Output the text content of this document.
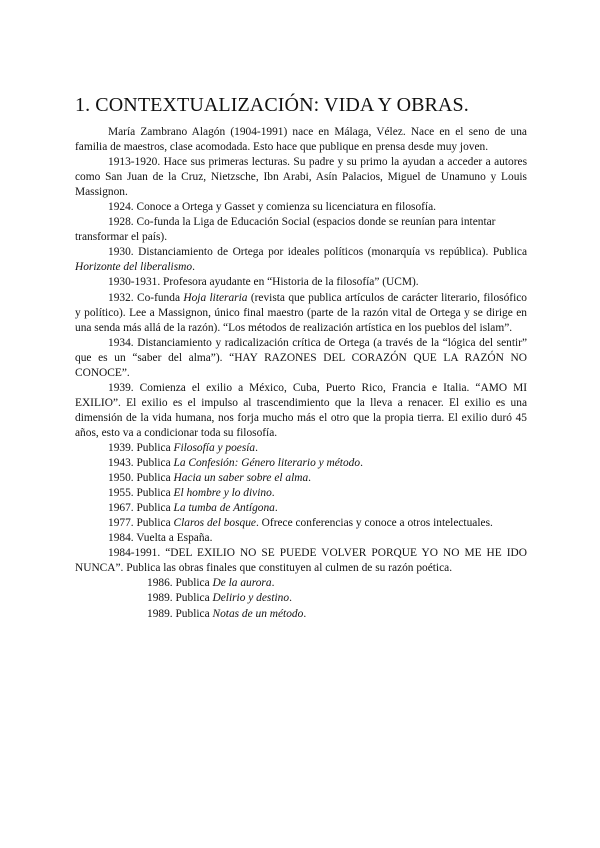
1. CONTEXTUALIZACIÓN: VIDA Y OBRAS.

María Zambrano Alagón (1904-1991) nace en Málaga, Vélez. Nace en el seno de una familia de maestros, clase acomodada. Esto hace que publique en prensa desde muy joven.

1913-1920. Hace sus primeras lecturas. Su padre y su primo la ayudan a acceder a autores como San Juan de la Cruz, Nietzsche, Ibn Arabi, Asín Palacios, Miguel de Unamuno y Louis Massignon.

1924. Conoce a Ortega y Gasset y comienza su licenciatura en filosofía.

1928. Co-funda la Liga de Educación Social (espacios donde se reunían para intentar transformar el país).

1930. Distanciamiento de Ortega por ideales políticos (monarquía vs república). Publica Horizonte del liberalismo.

1930-1931. Profesora ayudante en “Historia de la filosofía” (UCM).

1932. Co-funda Hoja literaria (revista que publica artículos de carácter literario, filosófico y político). Lee a Massignon, único final maestro (parte de la razón vital de Ortega y se dirige en una senda más allá de la razón). “Los métodos de realización artística en los pueblos del islam”.

1934. Distanciamiento y radicalización crítica de Ortega (a través de la “lógica del sentir” que es un “saber del alma”). “HAY RAZONES DEL CORAZÓN QUE LA RAZÓN NO CONOCE”.

1939. Comienza el exilio a México, Cuba, Puerto Rico, Francia e Italia. “AMO MI EXILIO”. El exilio es el impulso al trascendimiento que la lleva a renacer. El exilio es una dimensión de la vida humana, nos forja mucho más el otro que la propia tierra. El exilio duró 45 años, esto va a condicionar toda su filosofía.

1939. Publica Filosofía y poesía.

1943. Publica La Confesión: Género literario y método.

1950. Publica Hacia un saber sobre el alma.

1955. Publica El hombre y lo divino.

1967. Publica La tumba de Antígona.

1977. Publica Claros del bosque. Ofrece conferencias y conoce a otros intelectuales.

1984. Vuelta a España.

1984-1991. “DEL EXILIO NO SE PUEDE VOLVER PORQUE YO NO ME HE IDO NUNCA”. Publica las obras finales que constituyen al culmen de su razón poética.

1986. Publica De la aurora.

1989. Publica Delirio y destino.

1989. Publica Notas de un método.
